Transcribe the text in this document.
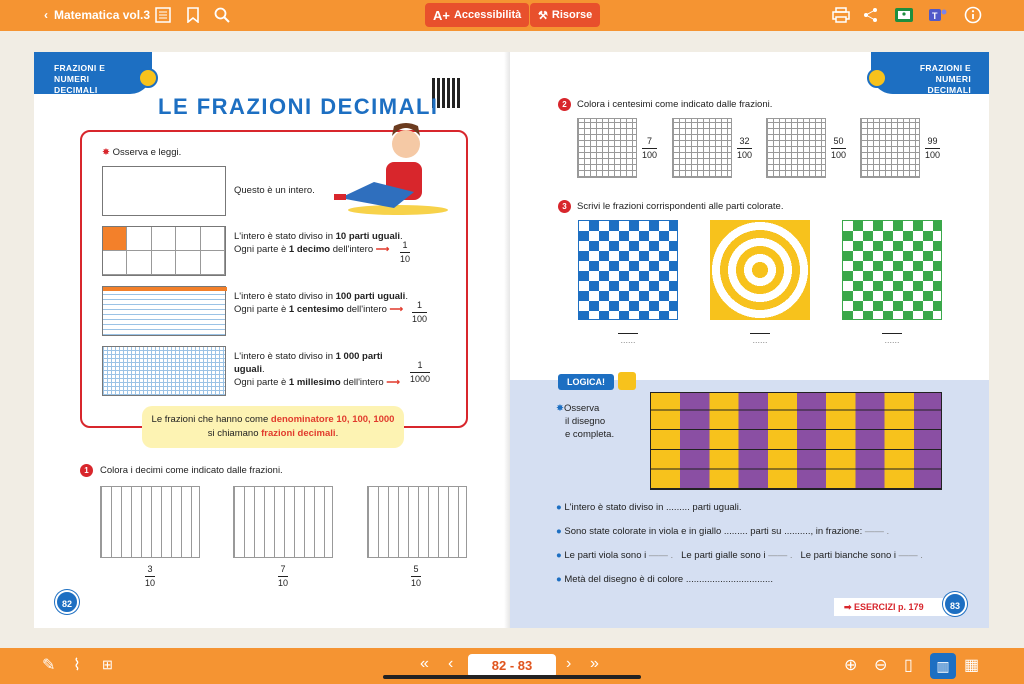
‹ Matematica vol.3	A+ Accessibilità ⚒ Risorse	T
FRAZIONI E NUMERI DECIMALI
LE FRAZIONI DECIMALI
✸ Osserva e leggi.
Questo è un intero.
L'intero è stato diviso in 10 parti uguali.
Ogni parte è 1 decimo dell'intero ⟶	1
10
L'intero è stato diviso in 100 parti uguali.
Ogni parte è 1 centesimo dell'intero ⟶	1
100
L'intero è stato diviso in 1 000 parti uguali.
Ogni parte è 1 millesimo dell'intero ⟶
1
1000
Le frazioni che hanno come denominatore 10, 100, 1000
si chiamano frazioni decimali.
1	Colora i decimi come indicato dalle frazioni.
3
10
7
10
5
10
82
FRAZIONI E NUMERI DECIMALI
2	Colora i centesimi come indicato dalle frazioni.
7
100
32
100
50
100
99
100
3	Scrivi le frazioni corrispondenti alle parti colorate.
......	......	......
LOGICA!
✸Osserva
il disegno
e completa.
● L'intero è stato diviso in ......... parti uguali.
● Sono state colorate in viola e in giallo ......... parti su .........., in frazione: —— .
● Le parti viola sono i —— . Le parti gialle sono i —— . Le parti bianche sono i —— .
● Metà del disegno è di colore .................................
➡ ESERCIZI p. 179	83
✎ ⌇ ⊞	« ‹	82 - 83	› »	⊕ ⊖ ▯	▥ ▦
